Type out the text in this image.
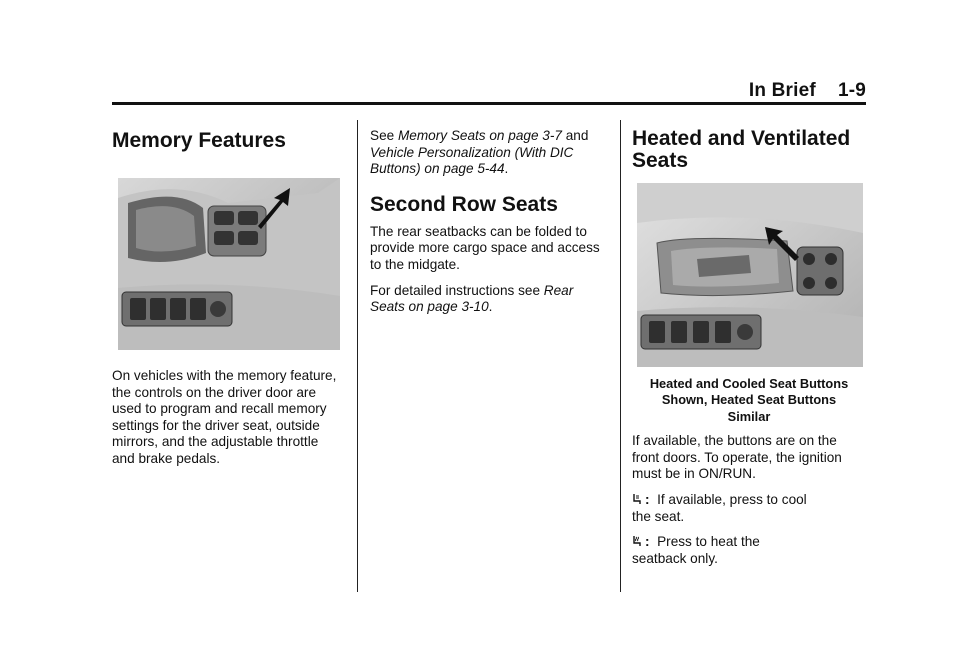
In Brief 1-9
Memory Features

On vehicles with the memory feature, the controls on the driver door are used to program and recall memory settings for the driver seat, outside mirrors, and the adjustable throttle and brake pedals.

See Memory Seats on page 3-7 and Vehicle Personalization (With DIC Buttons) on page 5-44.

Second Row Seats

The rear seatbacks can be folded to provide more cargo space and access to the midgate.

For detailed instructions see Rear Seats on page 3-10.

Heated and Ventilated
Seats
Heated and Cooled Seat Buttons
Shown, Heated Seat Buttons
Similar

If available, the buttons are on the front doors. To operate, the ignition must be in ON/RUN.

: If available, press to cool
the seat.
: Press to heat the
seatback only.
